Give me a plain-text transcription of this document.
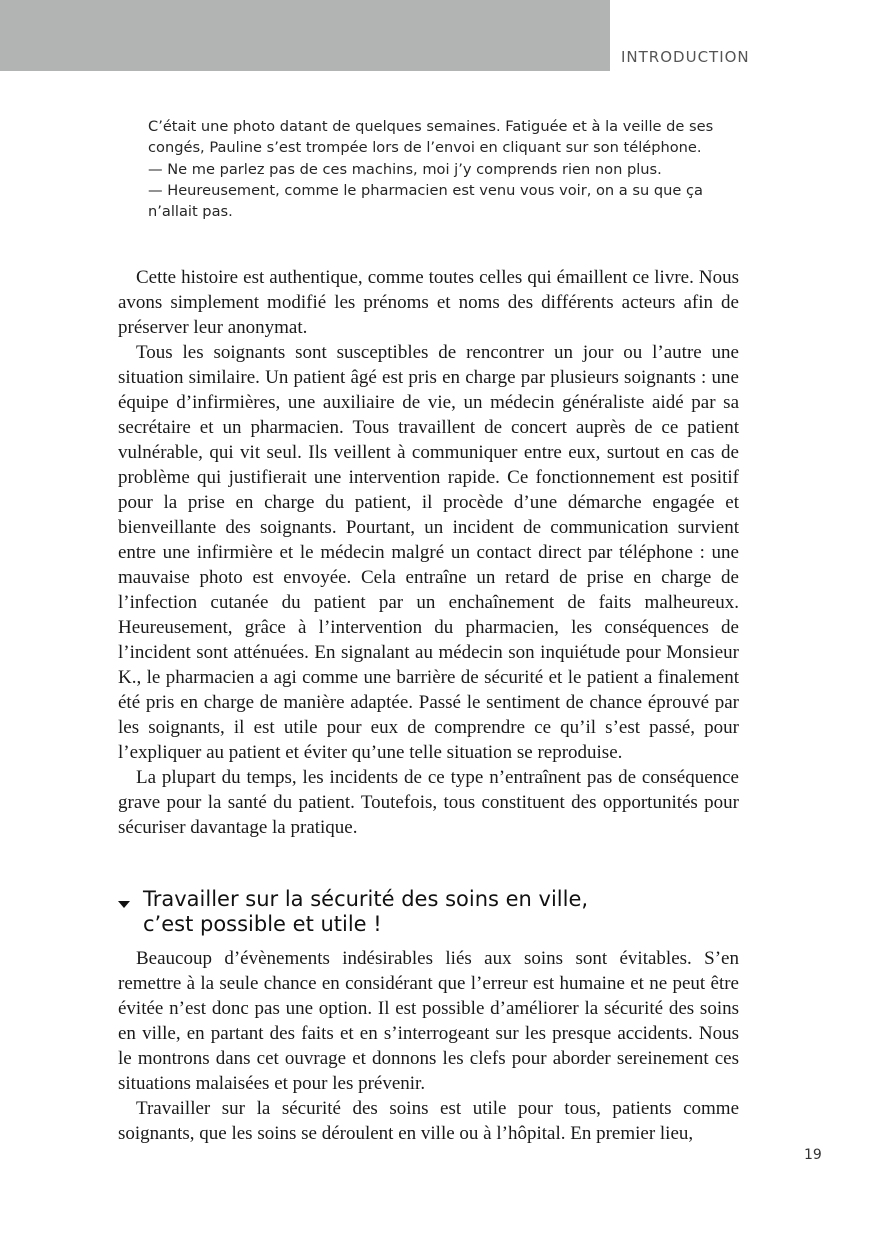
INTRODUCTION

C’était une photo datant de quelques semaines. Fatiguée et à la veille de ses congés, Pauline s’est trompée lors de l’envoi en cliquant sur son téléphone.

— Ne me parlez pas de ces machins, moi j’y comprends rien non plus.

— Heureusement, comme le pharmacien est venu vous voir, on a su que ça n’allait pas.

Cette histoire est authentique, comme toutes celles qui émaillent ce livre. Nous avons simplement modifié les prénoms et noms des différents acteurs afin de préserver leur anonymat.

Tous les soignants sont susceptibles de rencontrer un jour ou l’autre une situation similaire. Un patient âgé est pris en charge par plusieurs soignants : une équipe d’infirmières, une auxiliaire de vie, un médecin généraliste aidé par sa secrétaire et un pharmacien. Tous travaillent de concert auprès de ce patient vulnérable, qui vit seul. Ils veillent à communiquer entre eux, surtout en cas de problème qui justifierait une intervention rapide. Ce fonctionnement est positif pour la prise en charge du patient, il procède d’une démarche engagée et bienveillante des soignants. Pourtant, un incident de communication survient entre une infirmière et le médecin malgré un contact direct par téléphone : une mauvaise photo est envoyée. Cela entraîne un retard de prise en charge de l’infection cutanée du patient par un enchaînement de faits malheureux. Heureusement, grâce à l’intervention du pharmacien, les conséquences de l’incident sont atténuées. En signalant au médecin son inquiétude pour Monsieur K., le pharmacien a agi comme une barrière de sécurité et le patient a finalement été pris en charge de manière adaptée. Passé le sentiment de chance éprouvé par les soignants, il est utile pour eux de comprendre ce qu’il s’est passé, pour l’expliquer au patient et éviter qu’une telle situation se reproduise.

La plupart du temps, les incidents de ce type n’entraînent pas de conséquence grave pour la santé du patient. Toutefois, tous constituent des opportunités pour sécuriser davantage la pratique.

Travailler sur la sécurité des soins en ville,
c’est possible et utile !

Beaucoup d’évènements indésirables liés aux soins sont évitables. S’en remettre à la seule chance en considérant que l’erreur est humaine et ne peut être évitée n’est donc pas une option. Il est possible d’améliorer la sécurité des soins en ville, en partant des faits et en s’interrogeant sur les presque accidents. Nous le montrons dans cet ouvrage et donnons les clefs pour aborder sereinement ces situations malaisées et pour les prévenir.

Travailler sur la sécurité des soins est utile pour tous, patients comme soignants, que les soins se déroulent en ville ou à l’hôpital. En premier lieu,

19
